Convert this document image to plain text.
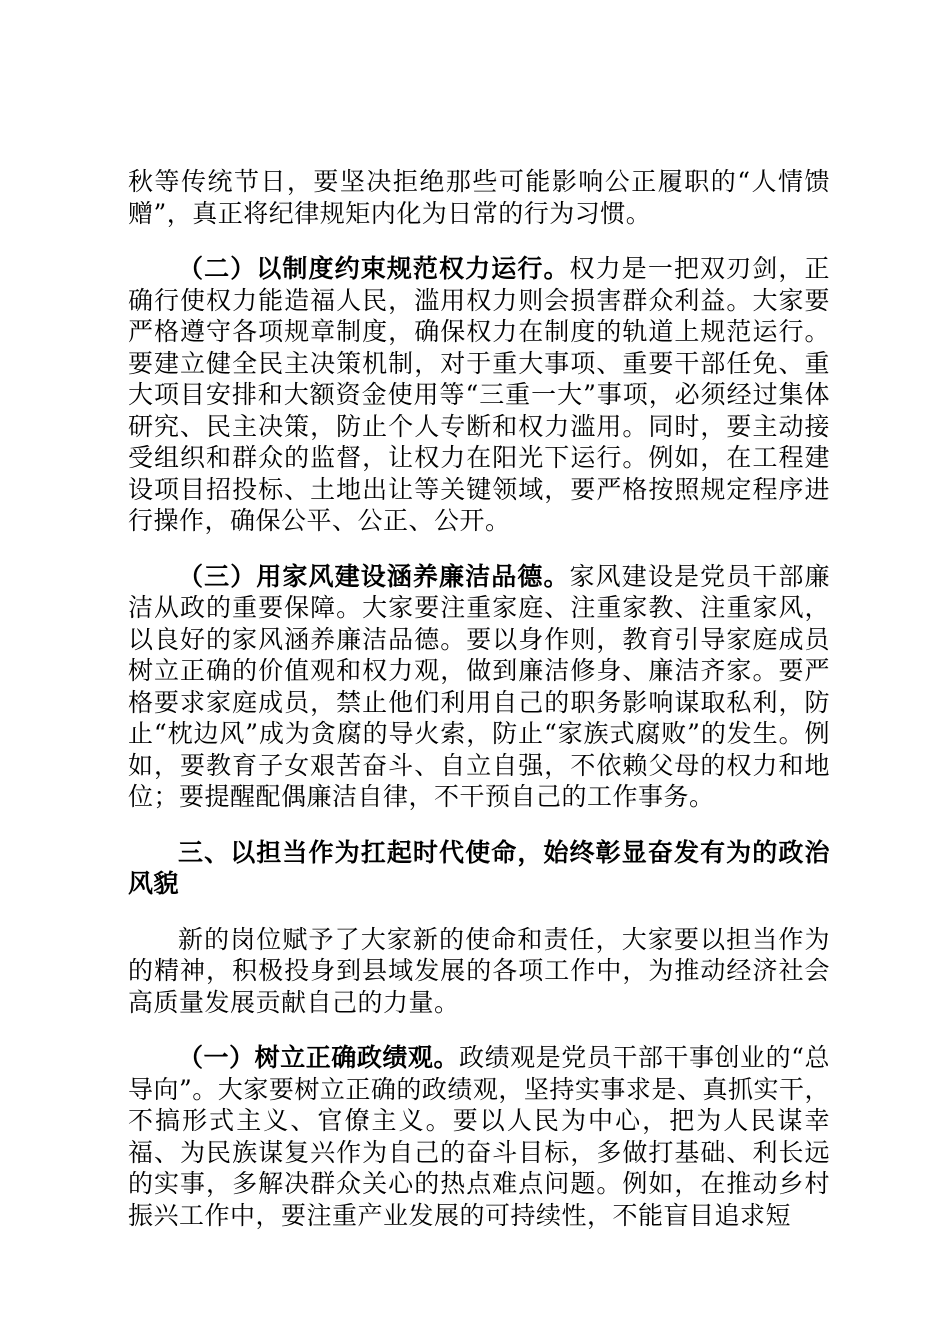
秋等传统节日，要坚决拒绝那些可能影响公正履职的“人情馈赠”，真正将纪律规矩内化为日常的行为习惯。

（二）以制度约束规范权力运行。权力是一把双刃剑，正确行使权力能造福人民，滥用权力则会损害群众利益。大家要严格遵守各项规章制度，确保权力在制度的轨道上规范运行。要建立健全民主决策机制，对于重大事项、重要干部任免、重大项目安排和大额资金使用等“三重一大”事项，必须经过集体研究、民主决策，防止个人专断和权力滥用。同时，要主动接受组织和群众的监督，让权力在阳光下运行。例如，在工程建设项目招投标、土地出让等关键领域，要严格按照规定程序进行操作，确保公平、公正、公开。

（三）用家风建设涵养廉洁品德。家风建设是党员干部廉洁从政的重要保障。大家要注重家庭、注重家教、注重家风，以良好的家风涵养廉洁品德。要以身作则，教育引导家庭成员树立正确的价值观和权力观，做到廉洁修身、廉洁齐家。要严格要求家庭成员，禁止他们利用自己的职务影响谋取私利，防止“枕边风”成为贪腐的导火索，防止“家族式腐败”的发生。例如，要教育子女艰苦奋斗、自立自强，不依赖父母的权力和地位；要提醒配偶廉洁自律，不干预自己的工作事务。

三、以担当作为扛起时代使命，始终彰显奋发有为的政治风貌

新的岗位赋予了大家新的使命和责任，大家要以担当作为的精神，积极投身到县域发展的各项工作中，为推动经济社会高质量发展贡献自己的力量。

（一）树立正确政绩观。政绩观是党员干部干事创业的“总导向”。大家要树立正确的政绩观，坚持实事求是、真抓实干，不搞形式主义、官僚主义。要以人民为中心，把为人民谋幸福、为民族谋复兴作为自己的奋斗目标，多做打基础、利长远的实事，多解决群众关心的热点难点问题。例如，在推动乡村振兴工作中，要注重产业发展的可持续性，不能盲目追求短
